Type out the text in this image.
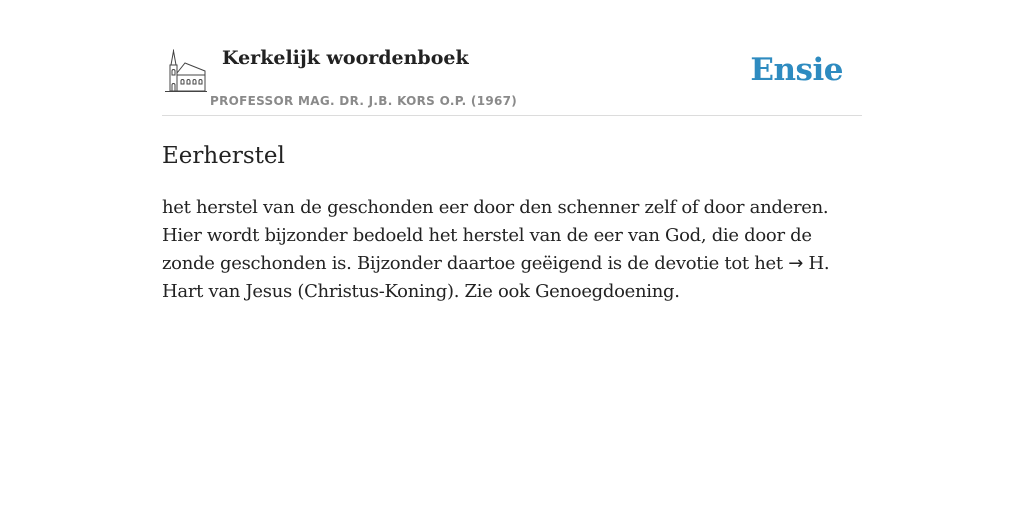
Kerkelijk woordenboek
PROFESSOR MAG. DR. J.B. KORS O.P. (1967)
Ensie
Eerherstel

het herstel van de geschonden eer door den schenner zelf of door anderen. Hier wordt bijzonder bedoeld het herstel van de eer van God, die door de zonde geschonden is. Bijzonder daartoe geëigend is de devotie tot het → H. Hart van Jesus (Christus-Koning). Zie ook Genoegdoening.
